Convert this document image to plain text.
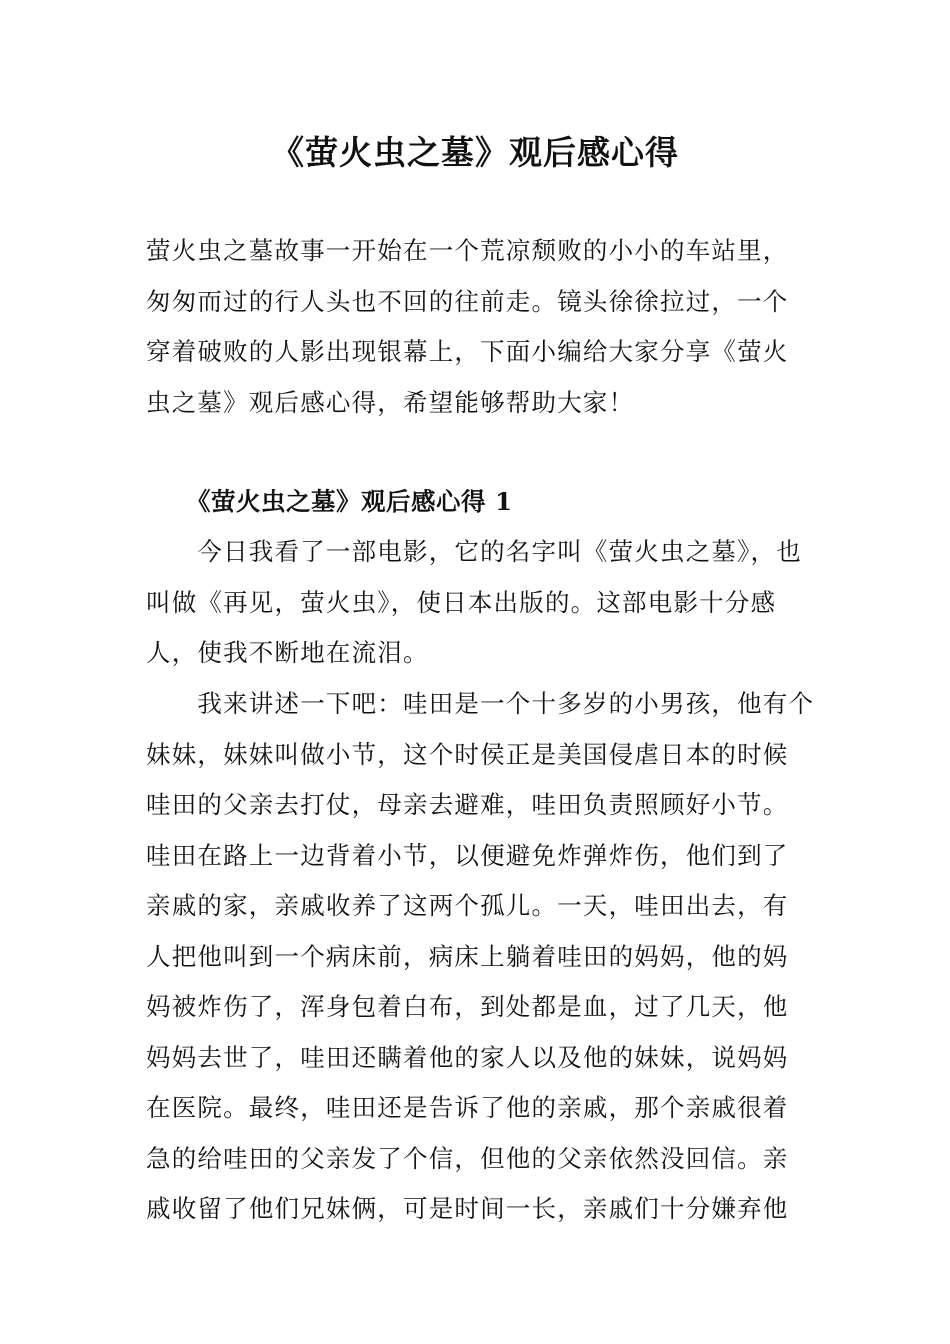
《萤火虫之墓》观后感心得
萤火虫之墓故事一开始在一个荒凉颓败的小小的车站里，
匆匆而过的行人头也不回的往前走。镜头徐徐拉过，一个
穿着破败的人影出现银幕上，下面小编给大家分享《萤火
虫之墓》观后感心得，希望能够帮助大家！
《萤火虫之墓》观后感心得 1
　　今日我看了一部电影，它的名字叫《萤火虫之墓》，也
叫做《再见，萤火虫》，使日本出版的。这部电影十分感
人，使我不断地在流泪。
　　我来讲述一下吧：哇田是一个十多岁的小男孩，他有个
妹妹，妹妹叫做小节，这个时侯正是美国侵虐日本的时候
哇田的父亲去打仗，母亲去避难，哇田负责照顾好小节。
哇田在路上一边背着小节，以便避免炸弹炸伤，他们到了
亲戚的家，亲戚收养了这两个孤儿。一天，哇田出去，有
人把他叫到一个病床前，病床上躺着哇田的妈妈，他的妈
妈被炸伤了，浑身包着白布，到处都是血，过了几天，他
妈妈去世了，哇田还瞒着他的家人以及他的妹妹，说妈妈
在医院。最终，哇田还是告诉了他的亲戚，那个亲戚很着
急的给哇田的父亲发了个信，但他的父亲依然没回信。亲
戚收留了他们兄妹俩，可是时间一长，亲戚们十分嫌弃他
